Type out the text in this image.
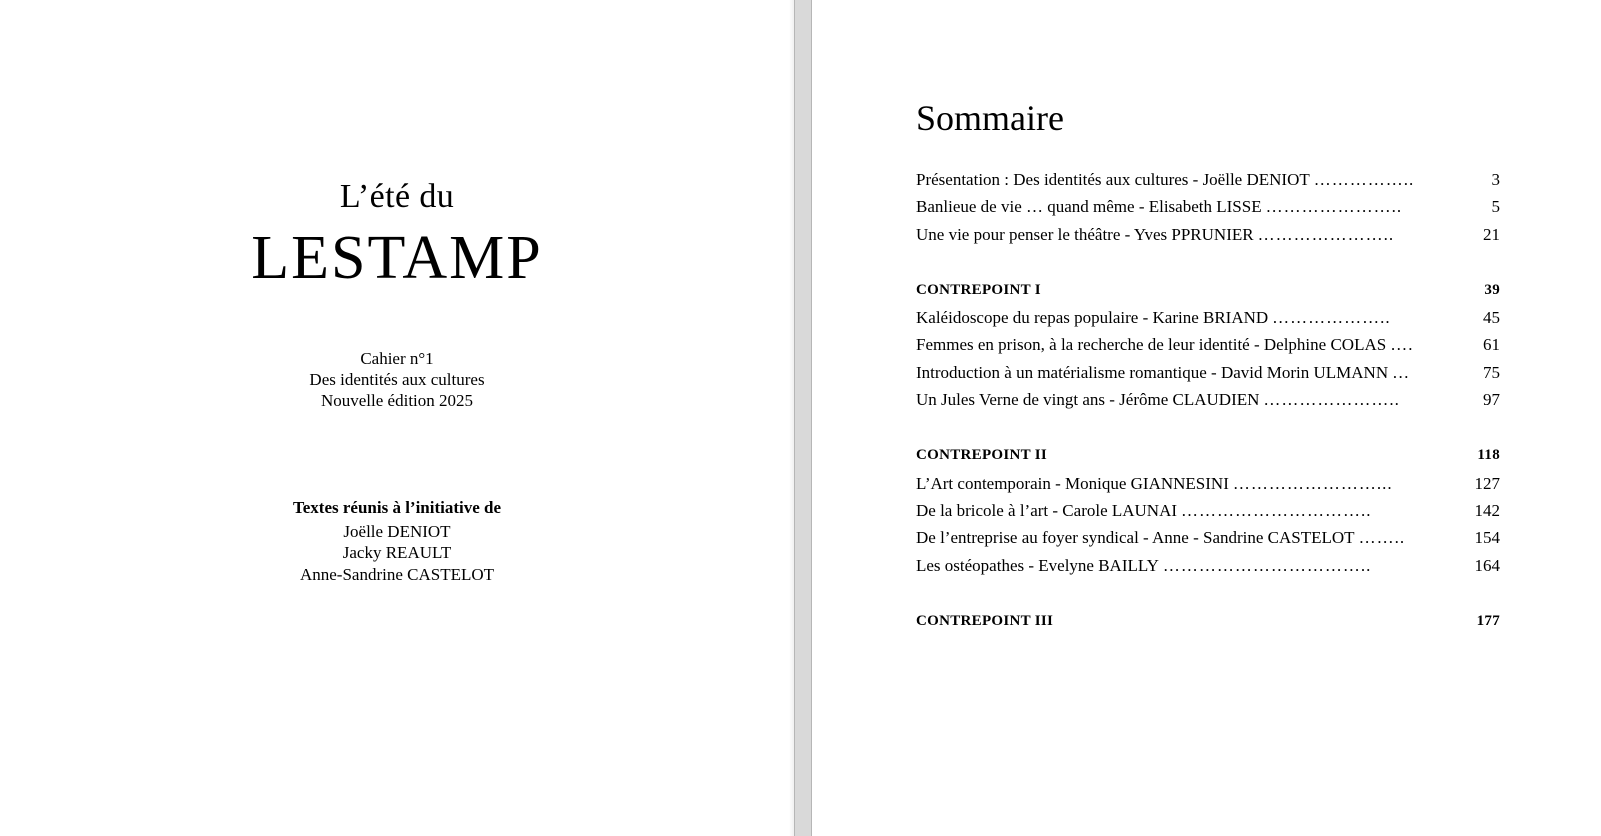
L’été du
LESTAMP
Cahier n°1
Des identités aux cultures
Nouvelle édition 2025
Textes réunis à l’initiative de
Joëlle DENIOT
Jacky REAULT
Anne-Sandrine CASTELOT
Sommaire
Présentation : Des identités aux cultures - Joëlle DENIOT ……………..	3
Banlieue de vie … quand même - Elisabeth LISSE …………………..	5
Une vie pour penser le théâtre - Yves PPRUNIER …………………..	21
CONTREPOINT I	39
Kaléidoscope du repas populaire - Karine BRIAND ………………..	45
Femmes en prison, à la recherche de leur identité - Delphine COLAS ….	61
Introduction à un matérialisme romantique - David Morin ULMANN …	75
Un Jules Verne de vingt ans - Jérôme CLAUDIEN …………………..	97
CONTREPOINT II	118
L’Art contemporain - Monique GIANNESINI ……………………...	127
De la bricole à l’art - Carole LAUNAI …………………………..	142
De l’entreprise au foyer syndical - Anne - Sandrine CASTELOT ……..	154
Les ostéopathes - Evelyne BAILLY ……………………………..	164
CONTREPOINT III	177
